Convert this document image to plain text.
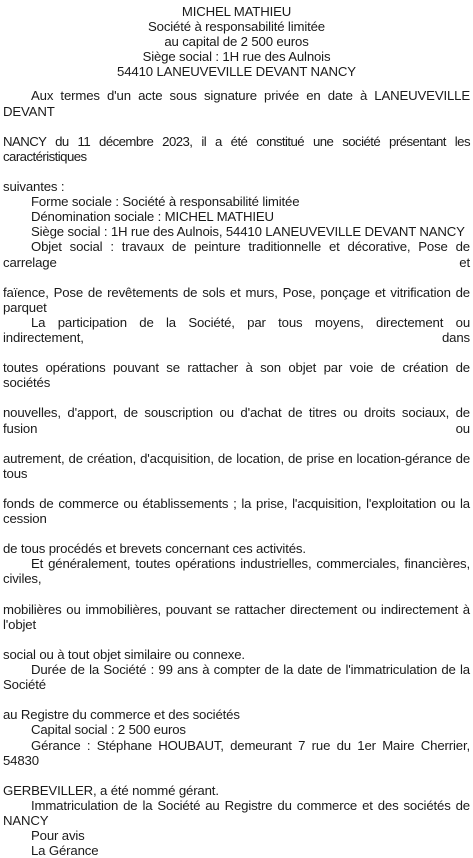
MICHEL MATHIEU
Société à responsabilité limitée
au capital de 2 500 euros
Siège social : 1H rue des Aulnois
54410 LANEUVEVILLE DEVANT NANCY

Aux termes d'un acte sous signature privée en date à LANEUVEVILLE DEVANT

NANCY du 11 décembre 2023, il a été constitué une société présentant les caractéristiques

suivantes :

Forme sociale : Société à responsabilité limitée

Dénomination sociale : MICHEL MATHIEU

Siège social : 1H rue des Aulnois, 54410 LANEUVEVILLE DEVANT NANCY

Objet social : travaux de peinture traditionnelle et décorative, Pose de carrelage et

faïence, Pose de revêtements de sols et murs, Pose, ponçage et vitrification de parquet

La participation de la Société, par tous moyens, directement ou indirectement, dans

toutes opérations pouvant se rattacher à son objet par voie de création de sociétés

nouvelles, d'apport, de souscription ou d'achat de titres ou droits sociaux, de fusion ou

autrement, de création, d'acquisition, de location, de prise en location-gérance de tous

fonds de commerce ou établissements ; la prise, l'acquisition, l'exploitation ou la cession

de tous procédés et brevets concernant ces activités.

Et généralement, toutes opérations industrielles, commerciales, financières, civiles,

mobilières ou immobilières, pouvant se rattacher directement ou indirectement à l'objet

social ou à tout objet similaire ou connexe.

Durée de la Société : 99 ans à compter de la date de l'immatriculation de la Société

au Registre du commerce et des sociétés

Capital social : 2 500 euros

Gérance : Stéphane HOUBAUT, demeurant 7 rue du 1er Maire Cherrier, 54830

GERBEVILLER, a été nommé gérant.

Immatriculation de la Société au Registre du commerce et des sociétés de NANCY

Pour avis

La Gérance
